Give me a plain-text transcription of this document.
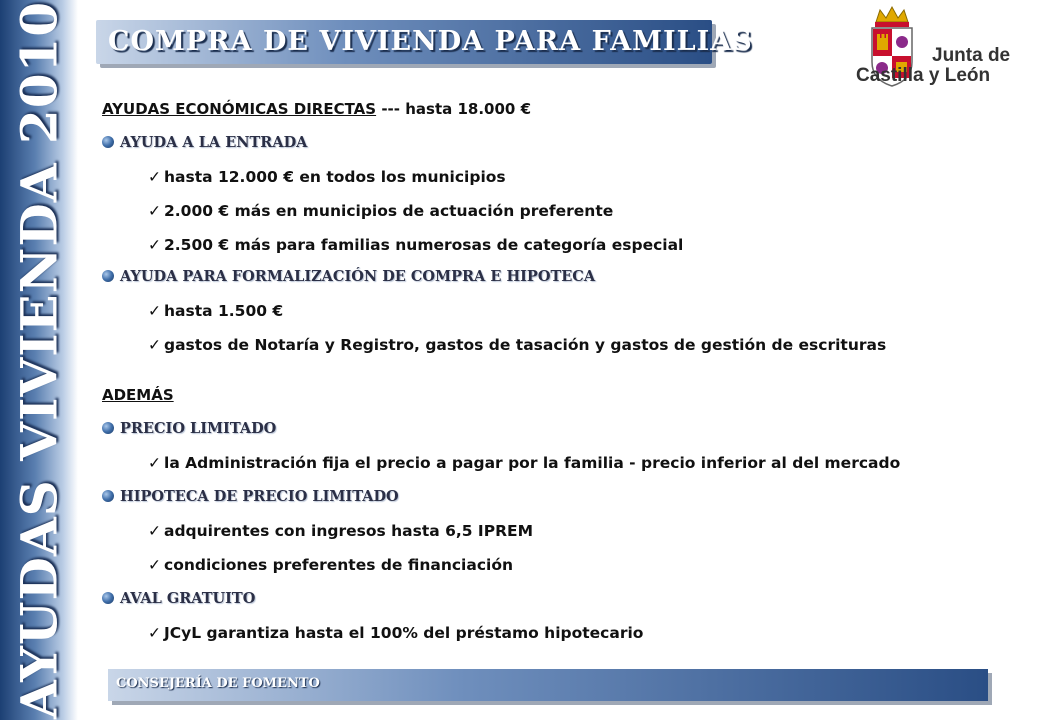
AYUDAS VIVIENDA 2010 COMPRA DE VIVIENDA PARA FAMILIAS	Junta de
Castilla y León
AYUDAS ECONÓMICAS DIRECTAS --- hasta 18.000 €
AYUDA A LA ENTRADA
✓ hasta 12.000 € en todos los municipios
✓ 2.000 € más en municipios de actuación preferente
✓ 2.500 € más para familias numerosas de categoría especial
AYUDA PARA FORMALIZACIÓN DE COMPRA E HIPOTECA
✓ hasta 1.500 €
✓ gastos de Notaría y Registro, gastos de tasación y gastos de gestión de escrituras
ADEMÁS
PRECIO LIMITADO
✓ la Administración fija el precio a pagar por la familia - precio inferior al del mercado
HIPOTECA DE PRECIO LIMITADO
✓ adquirentes con ingresos hasta 6,5 IPREM
✓ condiciones preferentes de financiación
AVAL GRATUITO
✓ JCyL garantiza hasta el 100% del préstamo hipotecario
CONSEJERÍA DE FOMENTO
